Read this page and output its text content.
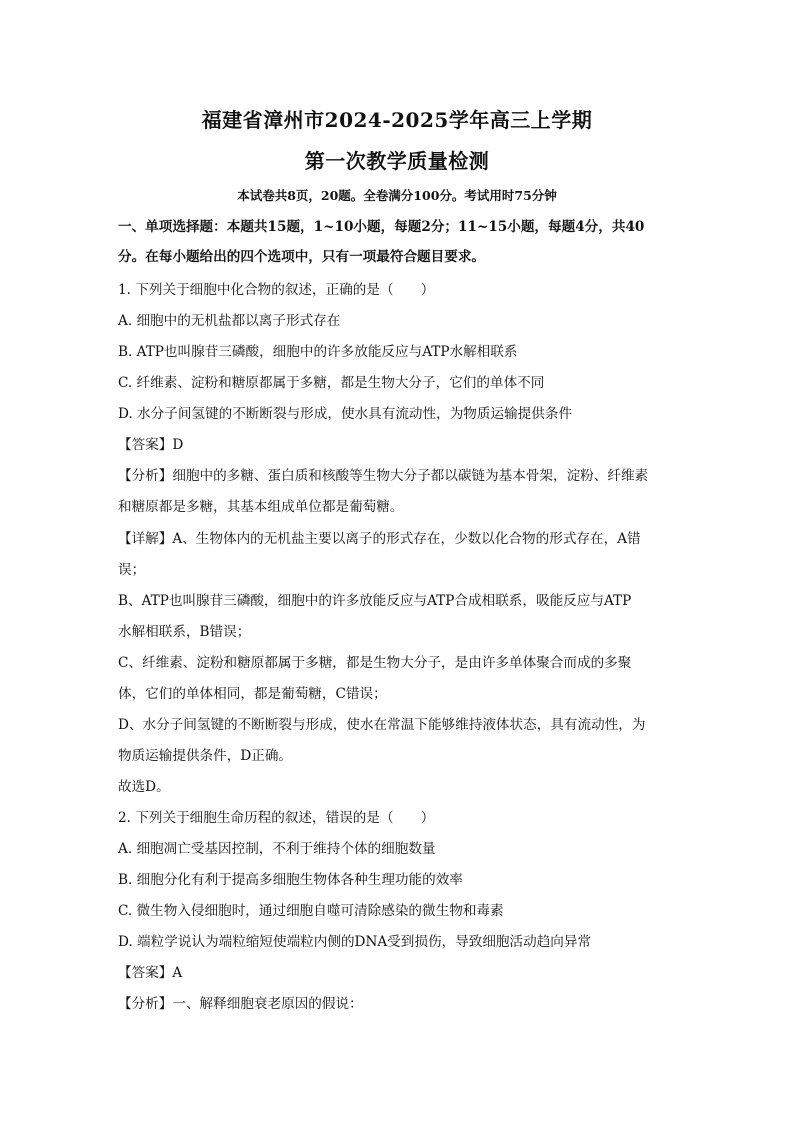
福建省漳州市2024-2025学年高三上学期
第一次教学质量检测
本试卷共8页，20题。全卷满分100分。考试用时75分钟
一、单项选择题：本题共15题，1~10小题，每题2分；11~15小题，每题4分，共40
分。在每小题给出的四个选项中，只有一项最符合题目要求。
1. 下列关于细胞中化合物的叙述，正确的是（　　）
A. 细胞中的无机盐都以离子形式存在
B. ATP也叫腺苷三磷酸，细胞中的许多放能反应与ATP水解相联系
C. 纤维素、淀粉和糖原都属于多糖，都是生物大分子，它们的单体不同
D. 水分子间氢键的不断断裂与形成，使水具有流动性，为物质运输提供条件
【答案】D
【分析】细胞中的多糖、蛋白质和核酸等生物大分子都以碳链为基本骨架，淀粉、纤维素
和糖原都是多糖，其基本组成单位都是葡萄糖。
【详解】A、生物体内的无机盐主要以离子的形式存在，少数以化合物的形式存在，A错
误；
B、ATP也叫腺苷三磷酸，细胞中的许多放能反应与ATP合成相联系，吸能反应与ATP
水解相联系，B错误；
C、纤维素、淀粉和糖原都属于多糖，都是生物大分子，是由许多单体聚合而成的多聚
体，它们的单体相同，都是葡萄糖，C错误；
D、水分子间氢键的不断断裂与形成，使水在常温下能够维持液体状态，具有流动性，为
物质运输提供条件，D正确。
故选D。
2. 下列关于细胞生命历程的叙述，错误的是（　　）
A. 细胞凋亡受基因控制，不利于维持个体的细胞数量
B. 细胞分化有利于提高多细胞生物体各种生理功能的效率
C. 微生物入侵细胞时，通过细胞自噬可清除感染的微生物和毒素
D. 端粒学说认为端粒缩短使端粒内侧的DNA受到损伤，导致细胞活动趋向异常
【答案】A
【分析】一、解释细胞衰老原因的假说：
